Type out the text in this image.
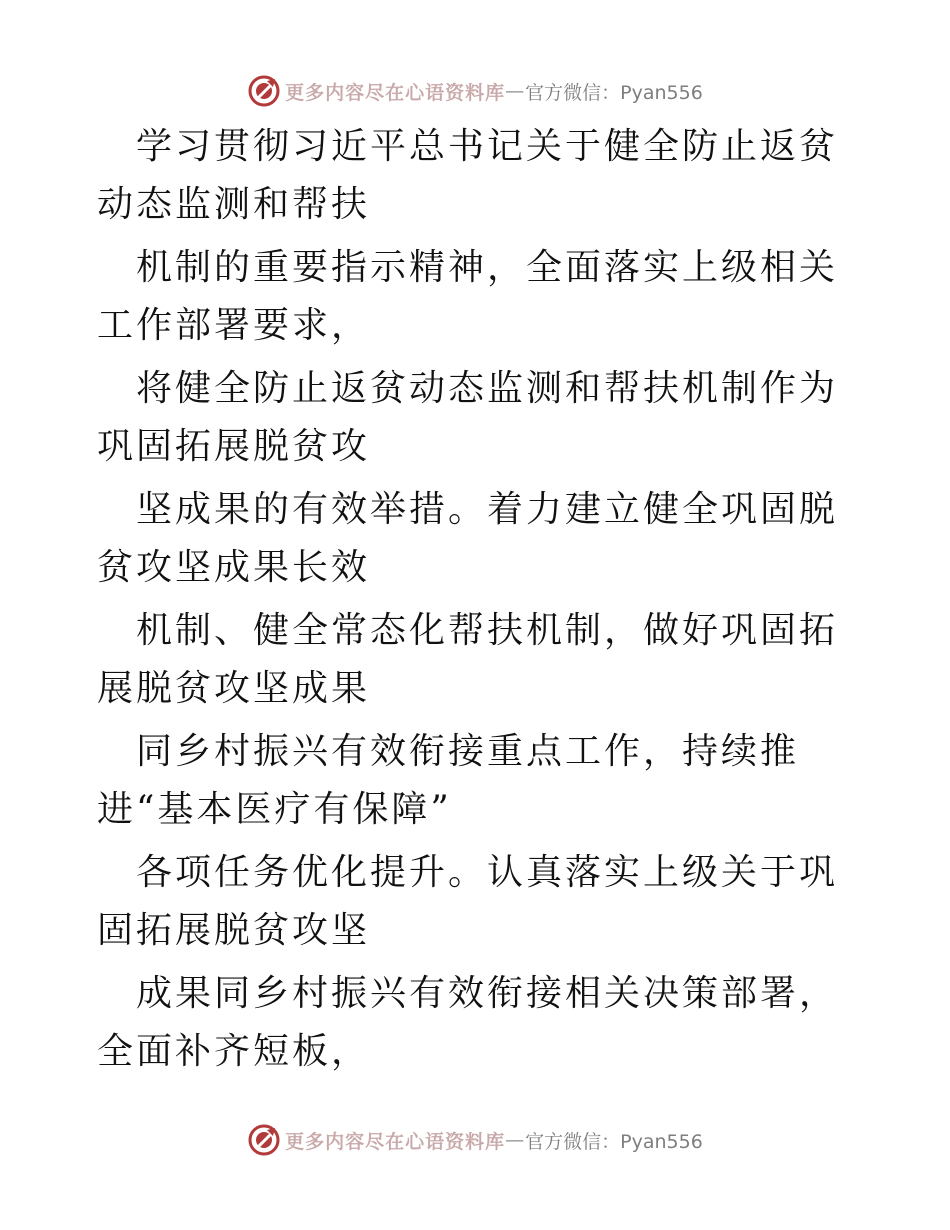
更多内容尽在心语资料库 — 官方微信：Pyan556

学习贯彻习近平总书记关于健全防止返贫动态监测和帮扶

机制的重要指示精神，全面落实上级相关工作部署要求，

将健全防止返贫动态监测和帮扶机制作为巩固拓展脱贫攻

坚成果的有效举措。着力建立健全巩固脱贫攻坚成果长效

机制、健全常态化帮扶机制，做好巩固拓展脱贫攻坚成果

同乡村振兴有效衔接重点工作，持续推进“基本医疗有保障”

各项任务优化提升。认真落实上级关于巩固拓展脱贫攻坚

成果同乡村振兴有效衔接相关决策部署，全面补齐短板，

更多内容尽在心语资料库 — 官方微信：Pyan556
